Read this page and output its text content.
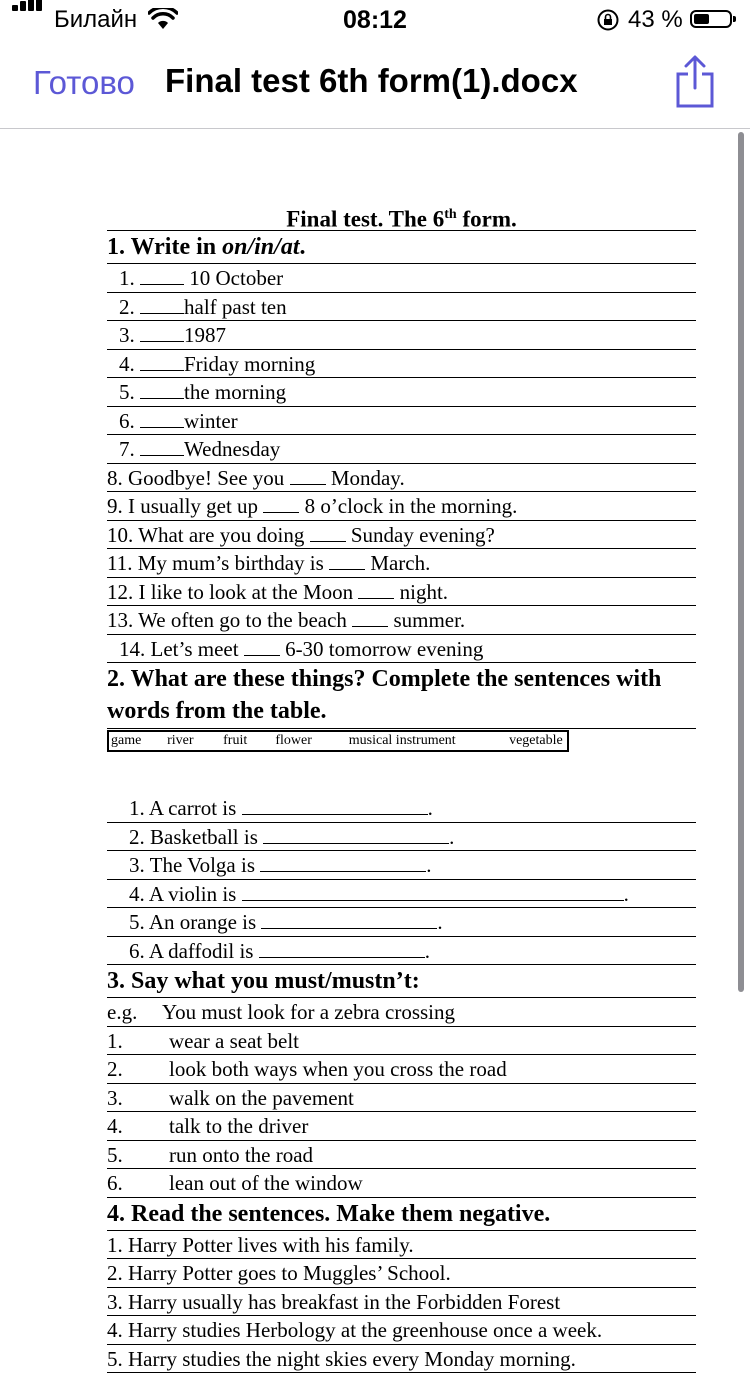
Билайн	08:12	43 %
Готово Final test 6th form(1).docx
Final test. The 6th form.
1. Write in on/in/at.
1.  10 October
2. half past ten
3. 1987
4. Friday morning
5. the morning
6. winter
7. Wednesday
8. Goodbye! See you  Monday.
9. I usually get up  8 o’clock in the morning.
10. What are you doing  Sunday evening?
11. My mum’s birthday is  March.
12. I like to look at the Moon  night.
13. We often go to the beach  summer.
14. Let’s meet  6-30 tomorrow evening
2. What are these things? Complete the sentences with words from the table.
game	river	fruit	flower	musical instrument	vegetable
1. A carrot is	.
2. Basketball is	.
3. The Volga is	.
4. A violin is	.
5. An orange is	.
6. A daffodil is	.
3. Say what you must/mustn’t:
e.g. You must look for a zebra crossing
1. wear a seat belt
2. look both ways when you cross the road
3. walk on the pavement
4. talk to the driver
5. run onto the road
6. lean out of the window
4. Read the sentences. Make them negative.
1. Harry Potter lives with his family.
2. Harry Potter goes to Muggles’ School.
3. Harry usually has breakfast in the Forbidden Forest
4. Harry studies Herbology at the greenhouse once a week.
5. Harry studies the night skies every Monday morning.
